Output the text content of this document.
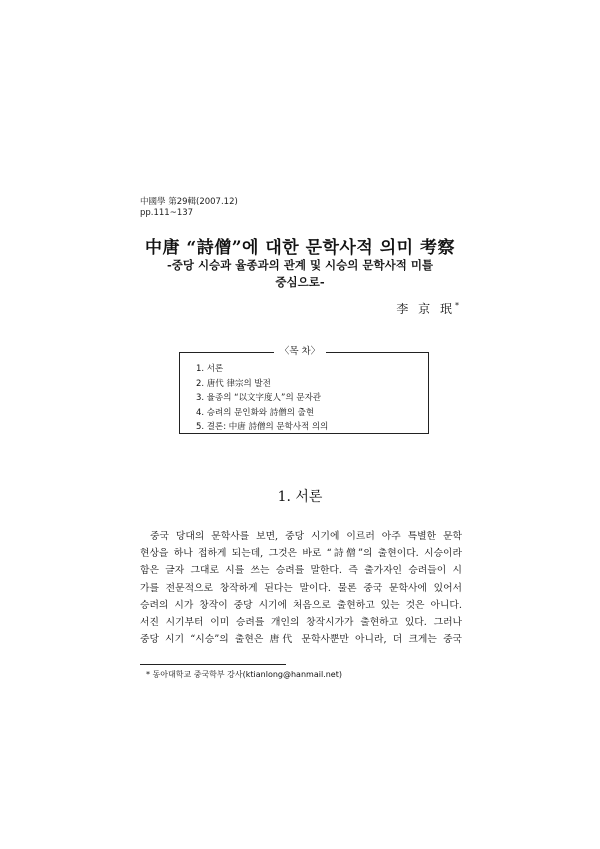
中國學 第29輯(2007.12)
pp.111~137
中唐 “詩僧”에 대한 문학사적 의미 考察
-중당 시승과 율종과의 관계 및 시승의 문학사적 미틀
중심으로-
李 京 珉*
〈목 차〉
1. 서론
2. 唐代 律宗의 발전
3. 율종의 “以文字度人”의 문자관
4. 승려의 문인화와 詩僧의 출현
5. 결론: 中唐 詩僧의 문학사적 의의
1. 서론
중국 당대의 문학사를 보면, 중당 시기에 이르러 아주 특별한 문학
현상을 하나 접하게 되는데, 그것은 바로 “詩僧”의 출현이다. 시승이라
함은 글자 그대로 시를 쓰는 승려를 말한다. 즉 출가자인 승려들이 시
가를 전문적으로 창작하게 된다는 말이다. 물론 중국 문학사에 있어서
승려의 시가 창작이 중당 시기에 처음으로 출현하고 있는 것은 아니다.
서진 시기부터 이미 승려를 개인의 창작시가가 출현하고 있다. 그러나
중당 시기 “시승”의 출현은 唐代 문학사뿐만 아니라, 더 크게는 중국
* 동아대학교 중국학부 강사(ktianlong@hanmail.net)
